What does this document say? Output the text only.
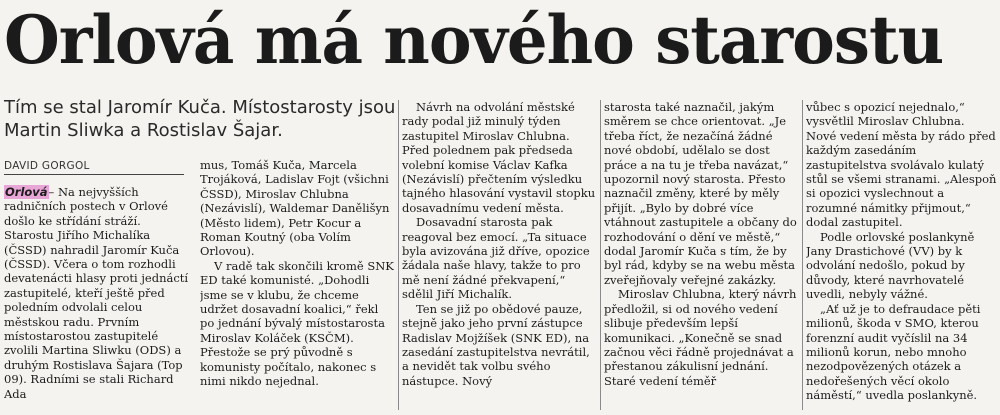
Orlová má nového starostu
Tím se stal Jaromír Kuča. Místostarosty jsou Martin Sliwka a Rostislav Šajar.
DAVID GORGOL

Orlová– Na nejvyšších radničních postech v Orlové došlo ke střídání stráží. Starostu Jiřího Michalíka (ČSSD) nahradil Jaromír Kuča (ČSSD). Včera o tom rozhodli devatenácti hlasy proti jednáctí zastupitelé, kteří ještě před poledním odvolali celou městskou radu. Prvním místostarostou zastupitelé zvolili Martina Sliwku (ODS) a druhým Rostislava Šajara (Top 09). Radními se stali Richard Ada

mus, Tomáš Kuča, Marcela Trojáková, Ladislav Fojt (všichni ČSSD), Miroslav Chlubna (Nezávislí), Waldemar Danělišyn (Město lidem), Petr Kocur a Roman Koutný (oba Volím Orlovou).

V radě tak skončili kromě SNK ED také komunisté. „Dohodli jsme se v klubu, že chceme udržet dosavadní koalici,“ řekl po jednání bývalý místostarosta Miroslav Koláček (KSČM). Přestože se prý původně s komunisty počítalo, nakonec s nimi nikdo nejednal.

Návrh na odvolání městské rady podal již minulý týden zastupitel Miroslav Chlubna. Před polednem pak předseda volební komise Václav Kafka (Nezávislí) přečtením výsledku tajného hlasování vystavil stopku dosavadnímu vedení města.

Dosavadní starosta pak reagoval bez emocí. „Ta situace byla avizována již dříve, opozice žádala naše hlavy, takže to pro mě není žádné překvapení,“ sdělil Jiří Michalík.

Ten se již po obědové pauze, stejně jako jeho první zástupce Radislav Mojžíšek (SNK ED), na zasedání zastupitelstva nevrátil, a nevidět tak volbu svého nástupce. Nový

starosta také naznačil, jakým směrem se chce orientovat. „Je třeba říct, že nezačíná žádné nové období, udělalo se dost práce a na tu je třeba navázat,“ upozornil nový starosta. Přesto naznačil změny, které by měly přijít. „Bylo by dobré více vtáhnout zastupitele a občany do rozhodování o dění ve městě,“ dodal Jaromír Kuča s tím, že by byl rád, kdyby se na webu města zveřejňovaly veřejné zakázky.

Miroslav Chlubna, který návrh předložil, si od nového vedení slibuje především lepší komunikaci. „Konečně se snad začnou věci řádně projednávat a přestanou zákulisní jednání. Staré vedení téměř

vůbec s opozicí nejednalo,“ vysvětlil Miroslav Chlubna. Nové vedení města by rádo před každým zasedáním zastupitelstva svolávalo kulatý stůl se všemi stranami. „Alespoň si opozici vyslechnout a rozumné námitky přijmout,“ dodal zastupitel.

Podle orlovské poslankyně Jany Drastichové (VV) by k odvolání nedošlo, pokud by důvody, které navrhovatelé uvedli, nebyly vážné.

„Ať už je to defraudace pěti milionů, škoda v SMO, kterou forenzní audit vyčíslil na 34 milionů korun, nebo mnoho nezodpovězených otázek a nedořešených věcí okolo náměstí,“ uvedla poslankyně.
